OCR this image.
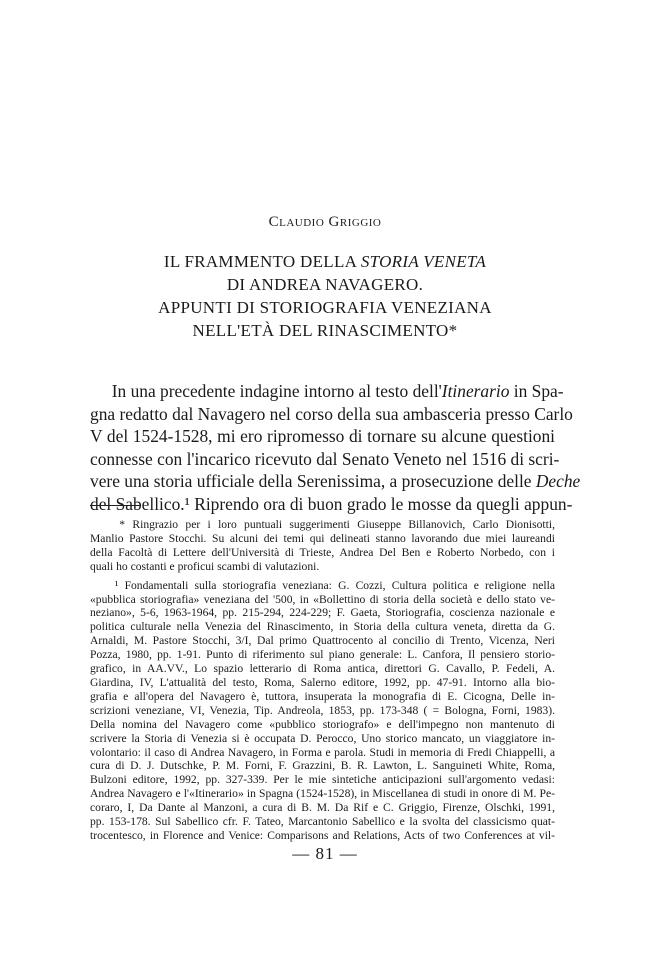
Claudio Griggio
IL FRAMMENTO DELLA STORIA VENETA
DI ANDREA NAVAGERO.
APPUNTI DI STORIOGRAFIA VENEZIANA
NELL'ETÀ DEL RINASCIMENTO*
In una precedente indagine intorno al testo dell'Itinerario in Spa-
gna redatto dal Navagero nel corso della sua ambasceria presso Carlo
V del 1524-1528, mi ero ripromesso di tornare su alcune questioni
connesse con l'incarico ricevuto dal Senato Veneto nel 1516 di scri-
vere una storia ufficiale della Serenissima, a prosecuzione delle Deche
del Sabellico.¹ Riprendo ora di buon grado le mosse da quegli appun-
* Ringrazio per i loro puntuali suggerimenti Giuseppe Billanovich, Carlo Dionisotti,
Manlio Pastore Stocchi. Su alcuni dei temi qui delineati stanno lavorando due miei laureandi
della Facoltà di Lettere dell'Università di Trieste, Andrea Del Ben e Roberto Norbedo, con i
quali ho costanti e proficui scambi di valutazioni.
¹ Fondamentali sulla storiografia veneziana: G. Cozzi, Cultura politica e religione nella
«pubblica storiografia» veneziana del '500, in «Bollettino di storia della società e dello stato ve-
neziano», 5-6, 1963-1964, pp. 215-294, 224-229; F. Gaeta, Storiografia, coscienza nazionale e
politica culturale nella Venezia del Rinascimento, in Storia della cultura veneta, diretta da G.
Arnaldi, M. Pastore Stocchi, 3/I, Dal primo Quattrocento al concilio di Trento, Vicenza, Neri
Pozza, 1980, pp. 1-91. Punto di riferimento sul piano generale: L. Canfora, Il pensiero storio-
grafico, in AA.VV., Lo spazio letterario di Roma antica, direttori G. Cavallo, P. Fedeli, A.
Giardina, IV, L'attualità del testo, Roma, Salerno editore, 1992, pp. 47-91. Intorno alla bio-
grafia e all'opera del Navagero è, tuttora, insuperata la monografia di E. Cicogna, Delle in-
scrizioni veneziane, VI, Venezia, Tip. Andreola, 1853, pp. 173-348 ( = Bologna, Forni, 1983).
Della nomina del Navagero come «pubblico storiografo» e dell'impegno non mantenuto di
scrivere la Storia di Venezia si è occupata D. Perocco, Uno storico mancato, un viaggiatore in-
volontario: il caso di Andrea Navagero, in Forma e parola. Studi in memoria di Fredi Chiappelli, a
cura di D. J. Dutschke, P. M. Forni, F. Grazzini, B. R. Lawton, L. Sanguineti White, Roma,
Bulzoni editore, 1992, pp. 327-339. Per le mie sintetiche anticipazioni sull'argomento vedasi:
Andrea Navagero e l'«Itinerario» in Spagna (1524-1528), in Miscellanea di studi in onore di M. Pe-
coraro, I, Da Dante al Manzoni, a cura di B. M. Da Rif e C. Griggio, Firenze, Olschki, 1991,
pp. 153-178. Sul Sabellico cfr. F. Tateo, Marcantonio Sabellico e la svolta del classicismo quat-
trocentesco, in Florence and Venice: Comparisons and Relations, Acts of two Conferences at vil-
— 81 —
